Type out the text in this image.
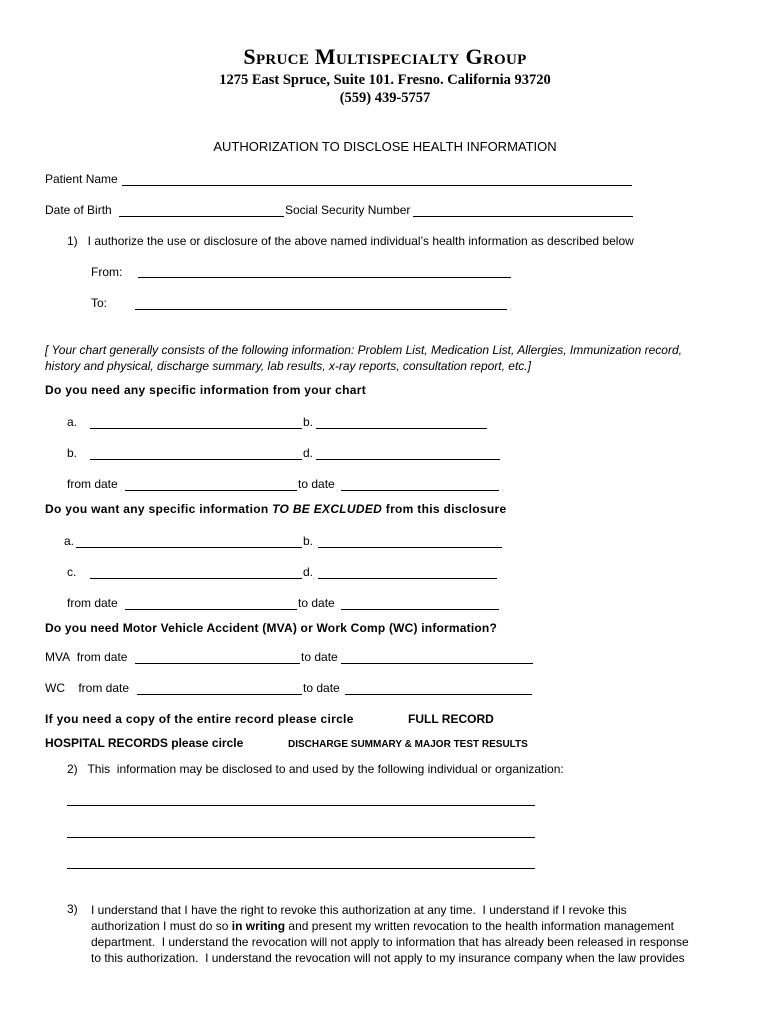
Spruce Multispecialty Group
1275 East Spruce, Suite 101. Fresno. California 93720
(559) 439-5757
AUTHORIZATION TO DISCLOSE HEALTH INFORMATION
Patient Name
Date of Birth	Social Security Number
1)   I authorize the use or disclosure of the above named individual’s health information as described below
From:
To:
[ Your chart generally consists of the following information: Problem List, Medication List, Allergies, Immunization record,
history and physical, discharge summary, lab results, x-ray reports, consultation report, etc.]
Do you need any specific information from your chart
a.	b.
b.	d.
from date	to date
Do you want any specific information TO BE EXCLUDED from this disclosure
a.	b.
c.	d.
from date	to date
Do you need Motor Vehicle Accident (MVA) or Work Comp (WC) information?
MVA  from date	to date
WC    from date	to date
If you need a copy of the entire record please circle	FULL RECORD
HOSPITAL RECORDS please circle	DISCHARGE SUMMARY & MAJOR TEST RESULTS
2)   This  information may be disclosed to and used by the following individual or organization:
3) I understand that I have the right to revoke this authorization at any time.  I understand if I revoke this
authorization I must do so in writing and present my written revocation to the health information management
department.  I understand the revocation will not apply to information that has already been released in response
to this authorization.  I understand the revocation will not apply to my insurance company when the law provides
